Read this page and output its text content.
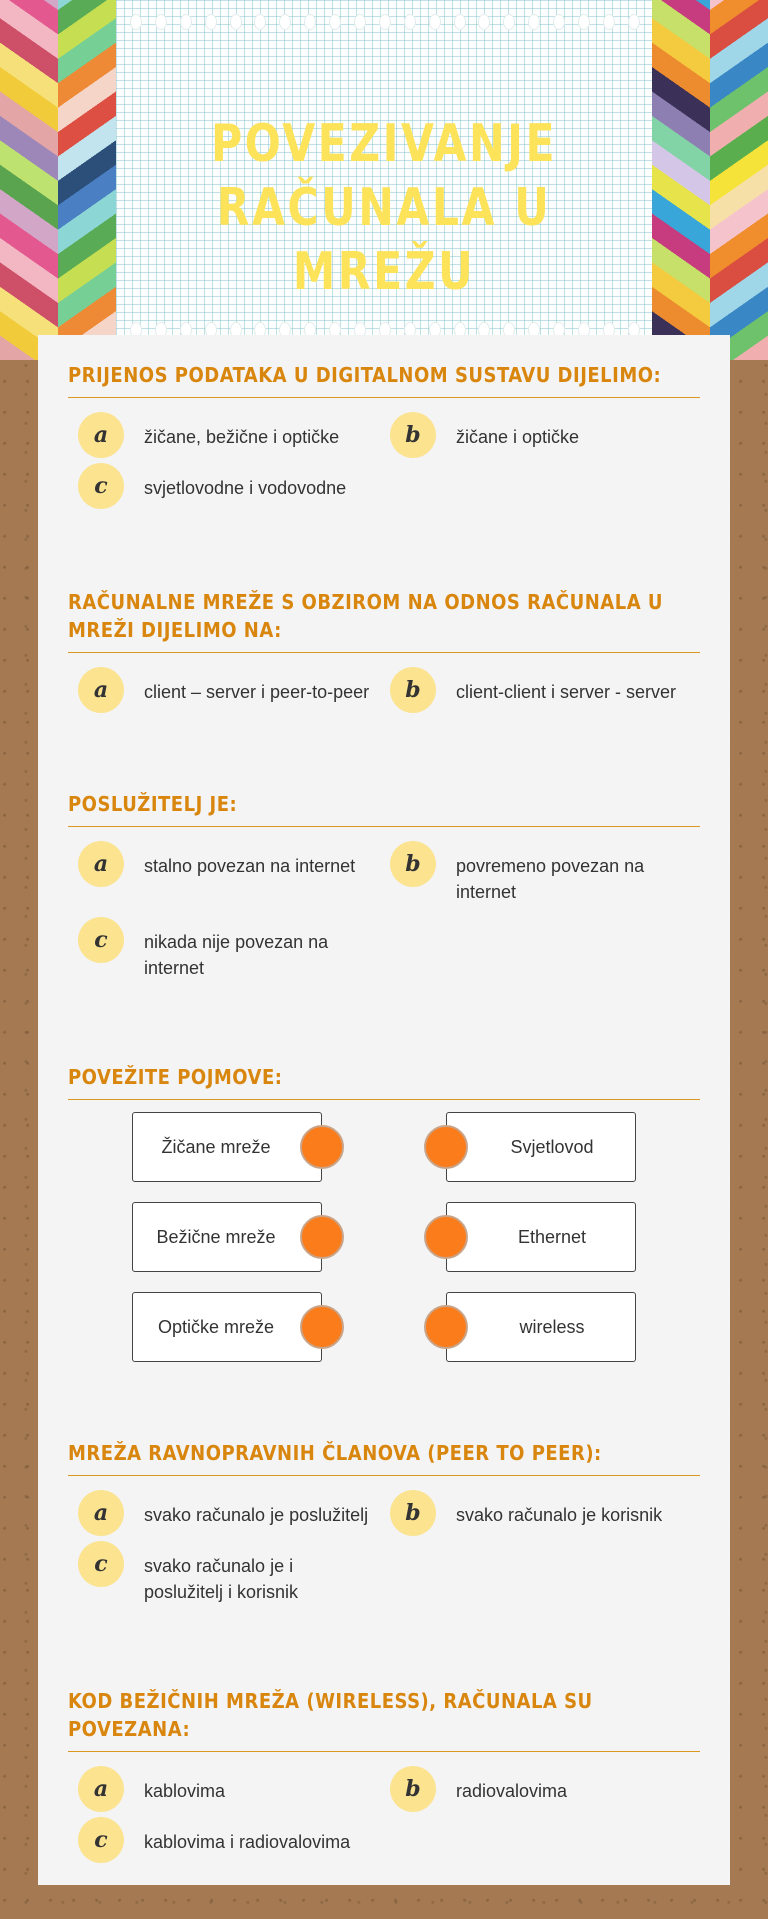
POVEZIVANJE
RAČUNALA U MREŽU
PRIJENOS PODATAKA U DIGITALNOM SUSTAVU DIJELIMO:
a	žičane, bežične i optičke	b	žičane i optičke
c	svjetlovodne i vodovodne
RAČUNALNE MREŽE S OBZIROM NA ODNOS RAČUNALA U MREŽI DIJELIMO NA:
a	client – server i peer-to-peer	b	client-client i server - server
POSLUŽITELJ JE:
a	stalno povezan na internet	b	povremeno povezan na internet
c	nikada nije povezan na internet
POVEŽITE POJMOVE:
Žičane mreže	Svjetlovod
Bežične mreže	Ethernet
Optičke mreže	wireless
MREŽA RAVNOPRAVNIH ČLANOVA (PEER TO PEER):
a	svako računalo je poslužitelj	b	svako računalo je korisnik
c	svako računalo je i poslužitelj i korisnik
KOD BEŽIČNIH MREŽA (WIRELESS), RAČUNALA SU POVEZANA:
a	kablovima	b	radiovalovima
c	kablovima i radiovalovima
